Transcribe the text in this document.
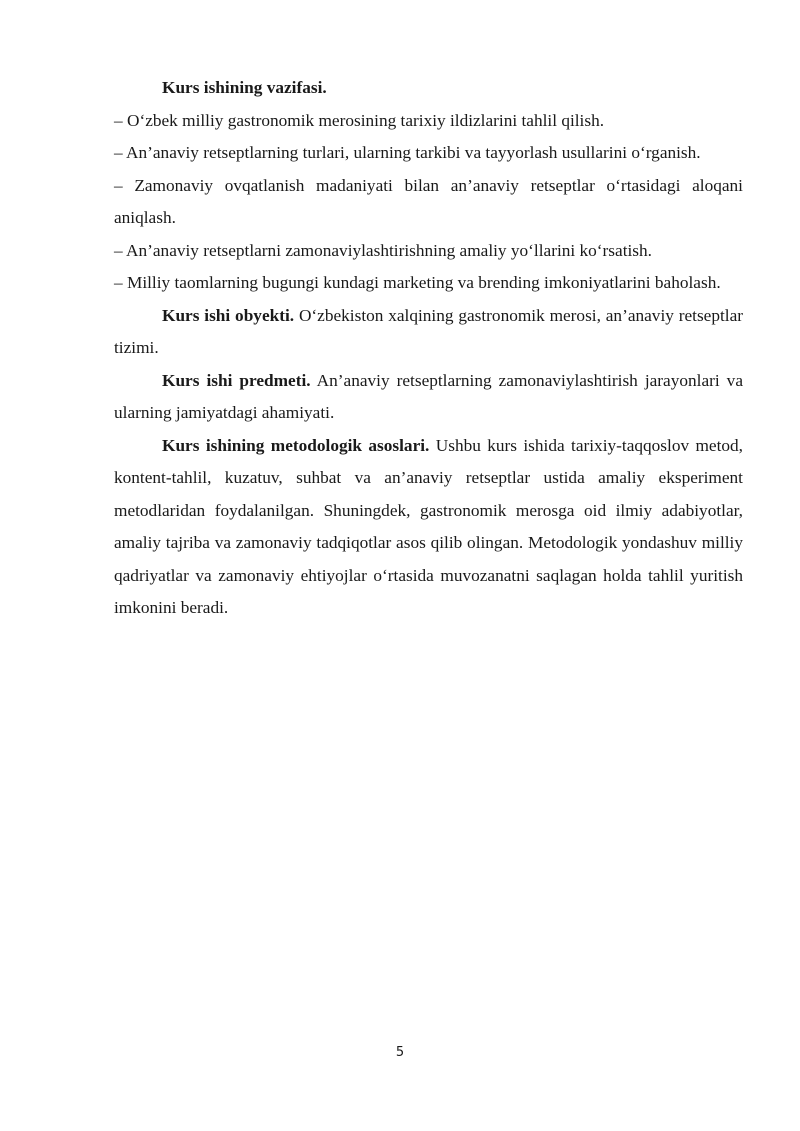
Kurs ishining vazifasi.

– O‘zbek milliy gastronomik merosining tarixiy ildizlarini tahlil qilish.

– An’anaviy retseptlarning turlari, ularning tarkibi va tayyorlash usullarini o‘rganish.

– Zamonaviy ovqatlanish madaniyati bilan an’anaviy retseptlar o‘rtasidagi aloqani aniqlash.

– An’anaviy retseptlarni zamonaviylashtirishning amaliy yo‘llarini ko‘rsatish.

– Milliy taomlarning bugungi kundagi marketing va brending imkoniyatlarini baholash.

Kurs ishi obyekti. O‘zbekiston xalqining gastronomik merosi, an’anaviy retseptlar tizimi.

Kurs ishi predmeti. An’anaviy retseptlarning zamonaviylashtirish jarayonlari va ularning jamiyatdagi ahamiyati.

Kurs ishining metodologik asoslari. Ushbu kurs ishida tarixiy-taqqoslov metod, kontent-tahlil, kuzatuv, suhbat va an’anaviy retseptlar ustida amaliy eksperiment metodlaridan foydalanilgan. Shuningdek, gastronomik merosga oid ilmiy adabiyotlar, amaliy tajriba va zamonaviy tadqiqotlar asos qilib olingan. Metodologik yondashuv milliy qadriyatlar va zamonaviy ehtiyojlar o‘rtasida muvozanatni saqlagan holda tahlil yuritish imkonini beradi.

5
